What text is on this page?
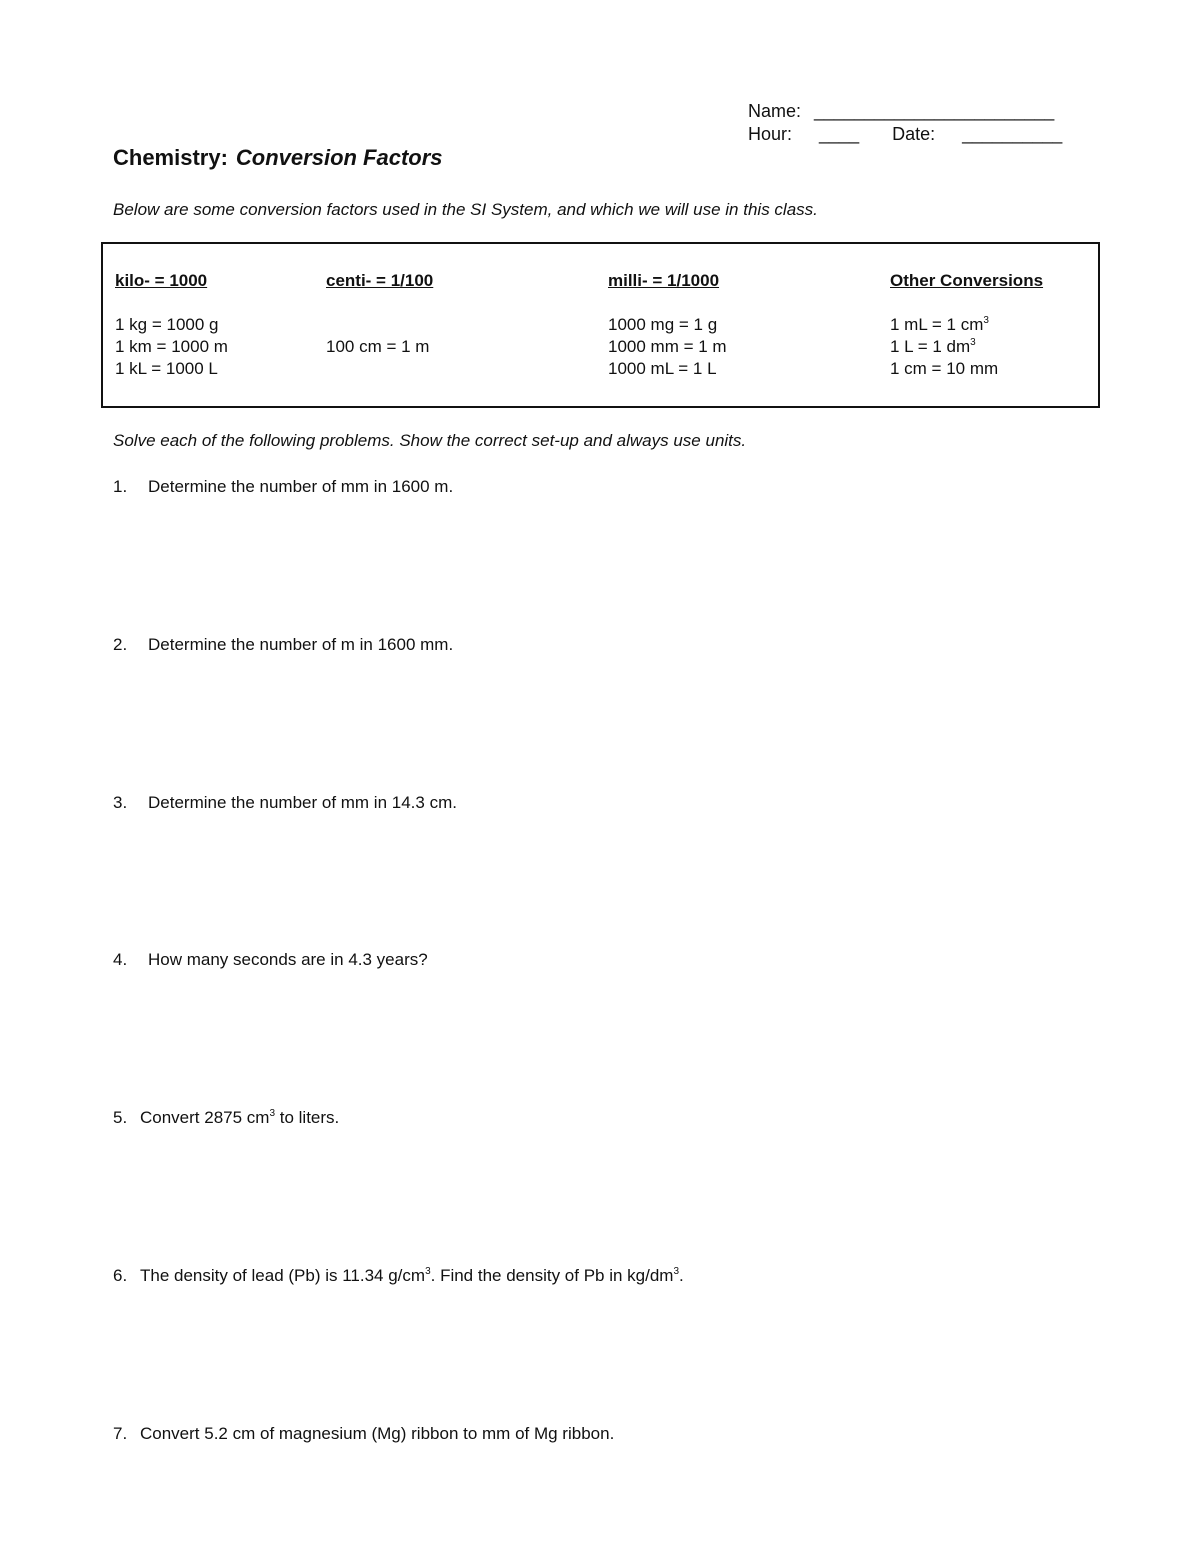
Name: ________________________
Hour: ____ Date: __________
Chemistry: Conversion Factors
Below are some conversion factors used in the SI System, and which we will use in this class.
kilo- = 1000
1 kg = 1000 g
1 km = 1000 m
1 kL = 1000 L
centi- = 1/100
100 cm = 1 m
milli- = 1/1000
1000 mg = 1 g
1000 mm = 1 m
1000 mL = 1 L
Other Conversions
1 mL = 1 $cm^3$
1 L = 1 $dm^3$
1 cm = 10 mm
Solve each of the following problems. Show the correct set-up and always use units.
1. Determine the number of mm in 1600 m.
2. Determine the number of m in 1600 mm.
3. Determine the number of mm in 14.3 cm.
4. How many seconds are in 4.3 years?
5. Convert 2875 $cm^3$ to liters.
6. The density of lead (Pb) is 11.34 $g/cm^3$. Find the density of Pb in $kg/dm^3$.
7. Convert 5.2 cm of magnesium (Mg) ribbon to mm of Mg ribbon.
